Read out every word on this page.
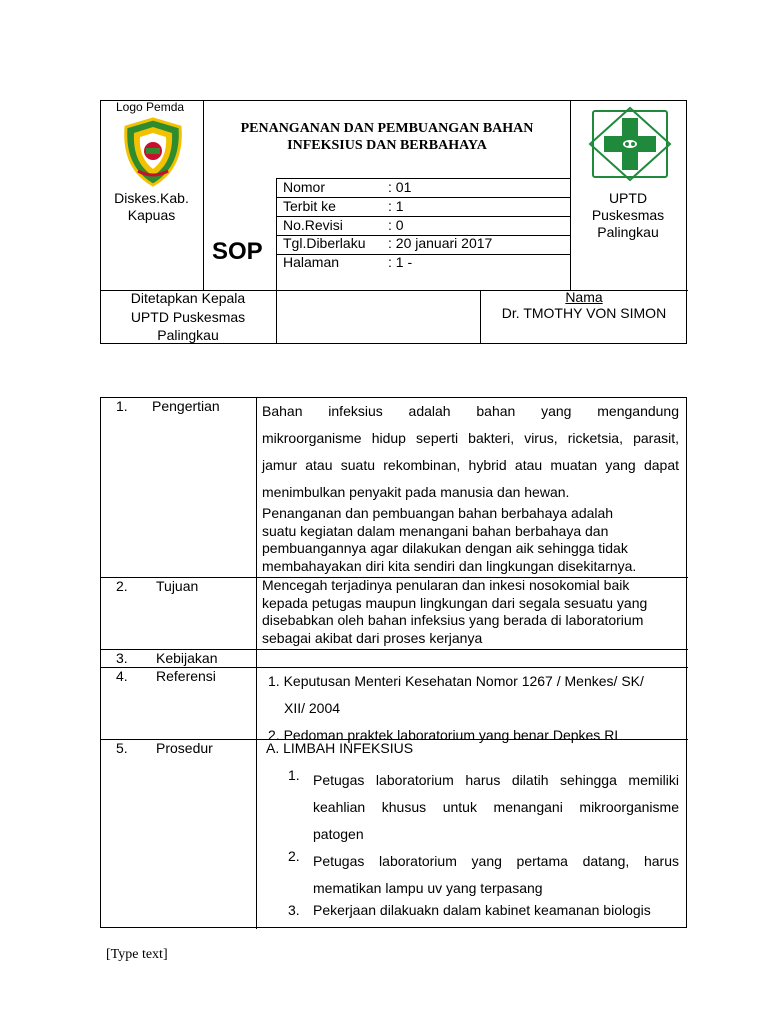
Logo Pemda
Diskes.Kab.
Kapuas
PENANGANAN DAN PEMBUANGAN BAHAN
INFEKSIUS DAN BERBAHAYA
SOP
UPTD
Puskesmas
Palingkau
Nomor	: 01
Terbit ke	: 1
No.Revisi	: 0
Tgl.Diberlaku	: 20 januari 2017
Halaman	: 1 -
Ditetapkan Kepala
UPTD Puskesmas
Palingkau
Nama
Dr. TMOTHY VON SIMON
1. Pengertian	Bahan infeksius adalah bahan yang mengandung
mikroorganisme hidup seperti bakteri, virus, ricketsia, parasit,
jamur atau suatu rekombinan, hybrid atau muatan yang dapat
menimbulkan penyakit pada manusia dan hewan.
Penanganan dan pembuangan bahan berbahaya adalah
suatu kegiatan dalam menangani bahan berbahaya dan
pembuangannya agar dilakukan dengan aik sehingga tidak
membahayakan diri kita sendiri dan lingkungan disekitarnya.
2. Tujuan	Mencegah terjadinya penularan dan inkesi nosokomial baik
kepada petugas maupun lingkungan dari segala sesuatu yang
disebabkan oleh bahan infeksius yang berada di laboratorium
sebagai akibat dari proses kerjanya
3. Kebijakan
4. Referensi	1. Keputusan Menteri Kesehatan Nomor 1267 / Menkes/ SK/
XII/ 2004
2. Pedoman praktek laboratorium yang benar Depkes RI
5. Prosedur	A. LIMBAH INFEKSIUS
1. Petugas laboratorium harus dilatih sehingga memiliki
keahlian khusus untuk menangani mikroorganisme
patogen
2. Petugas laboratorium yang pertama datang, harus
mematikan lampu uv yang terpasang
3. Pekerjaan dilakuakn dalam kabinet keamanan biologis
[Type text]
